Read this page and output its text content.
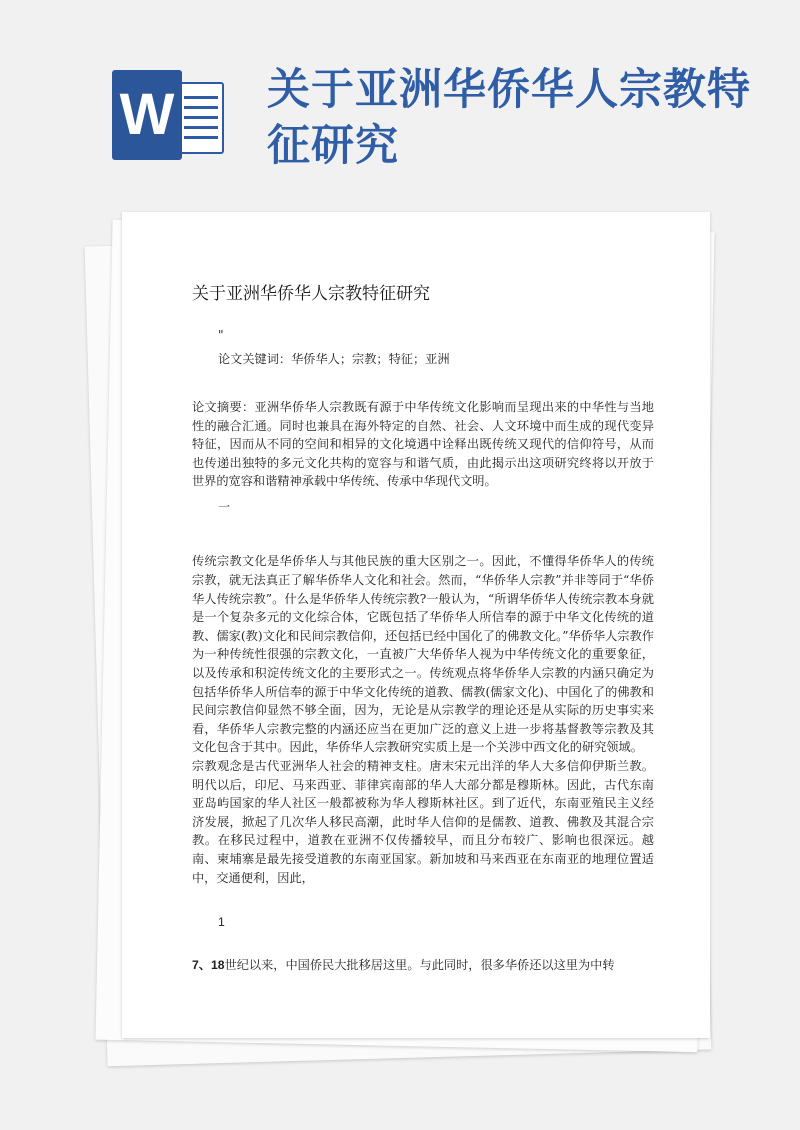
W 关于亚洲华侨华人宗教特征研究
关于亚洲华侨华人宗教特征研究
"
论文关键词：华侨华人；宗教；特征；亚洲
论文摘要：亚洲华侨华人宗教既有源于中华传统文化影响而呈现出来的中华性与当地性的融合汇通。同时也兼具在海外特定的自然、社会、人文环境中而生成的现代变异特征，因而从不同的空间和相异的文化境遇中诠释出既传统又现代的信仰符号，从而也传递出独特的多元文化共构的宽容与和谐气质，由此揭示出这项研究终将以开放于世界的宽容和谐精神承载中华传统、传承中华现代文明。
一

传统宗教文化是华侨华人与其他民族的重大区别之一。因此，不懂得华侨华人的传统宗教，就无法真正了解华侨华人文化和社会。然而，“华侨华人宗教”并非等同于“华侨华人传统宗教”。什么是华侨华人传统宗教?一般认为，“所谓华侨华人传统宗教本身就是一个复杂多元的文化综合体，它既包括了华侨华人所信奉的源于中华文化传统的道教、儒家(教)文化和民间宗教信仰，还包括已经中国化了的佛教文化。”华侨华人宗教作为一种传统性很强的宗教文化，一直被广大华侨华人视为中华传统文化的重要象征，以及传承和积淀传统文化的主要形式之一。传统观点将华侨华人宗教的内涵只确定为包括华侨华人所信奉的源于中华文化传统的道教、儒教(儒家文化)、中国化了的佛教和民间宗教信仰显然不够全面，因为，无论是从宗教学的理论还是从实际的历史事实来看，华侨华人宗教完整的内涵还应当在更加广泛的意义上进一步将基督教等宗教及其文化包含于其中。因此，华侨华人宗教研究实质上是一个关涉中西文化的研究领域。

宗教观念是古代亚洲华人社会的精神支柱。唐末宋元出洋的华人大多信仰伊斯兰教。明代以后，印尼、马来西亚、菲律宾南部的华人大部分都是穆斯林。因此，古代东南亚岛屿国家的华人社区一般都被称为华人穆斯林社区。到了近代，东南亚殖民主义经济发展，掀起了几次华人移民高潮，此时华人信仰的是儒教、道教、佛教及其混合宗教。在移民过程中，道教在亚洲不仅传播较早，而且分布较广、影响也很深远。越南、柬埔寨是最先接受道教的东南亚国家。新加坡和马来西亚在东南亚的地理位置适中，交通便利，因此，

1
7、18世纪以来，中国侨民大批移居这里。与此同时，很多华侨还以这里为中转
